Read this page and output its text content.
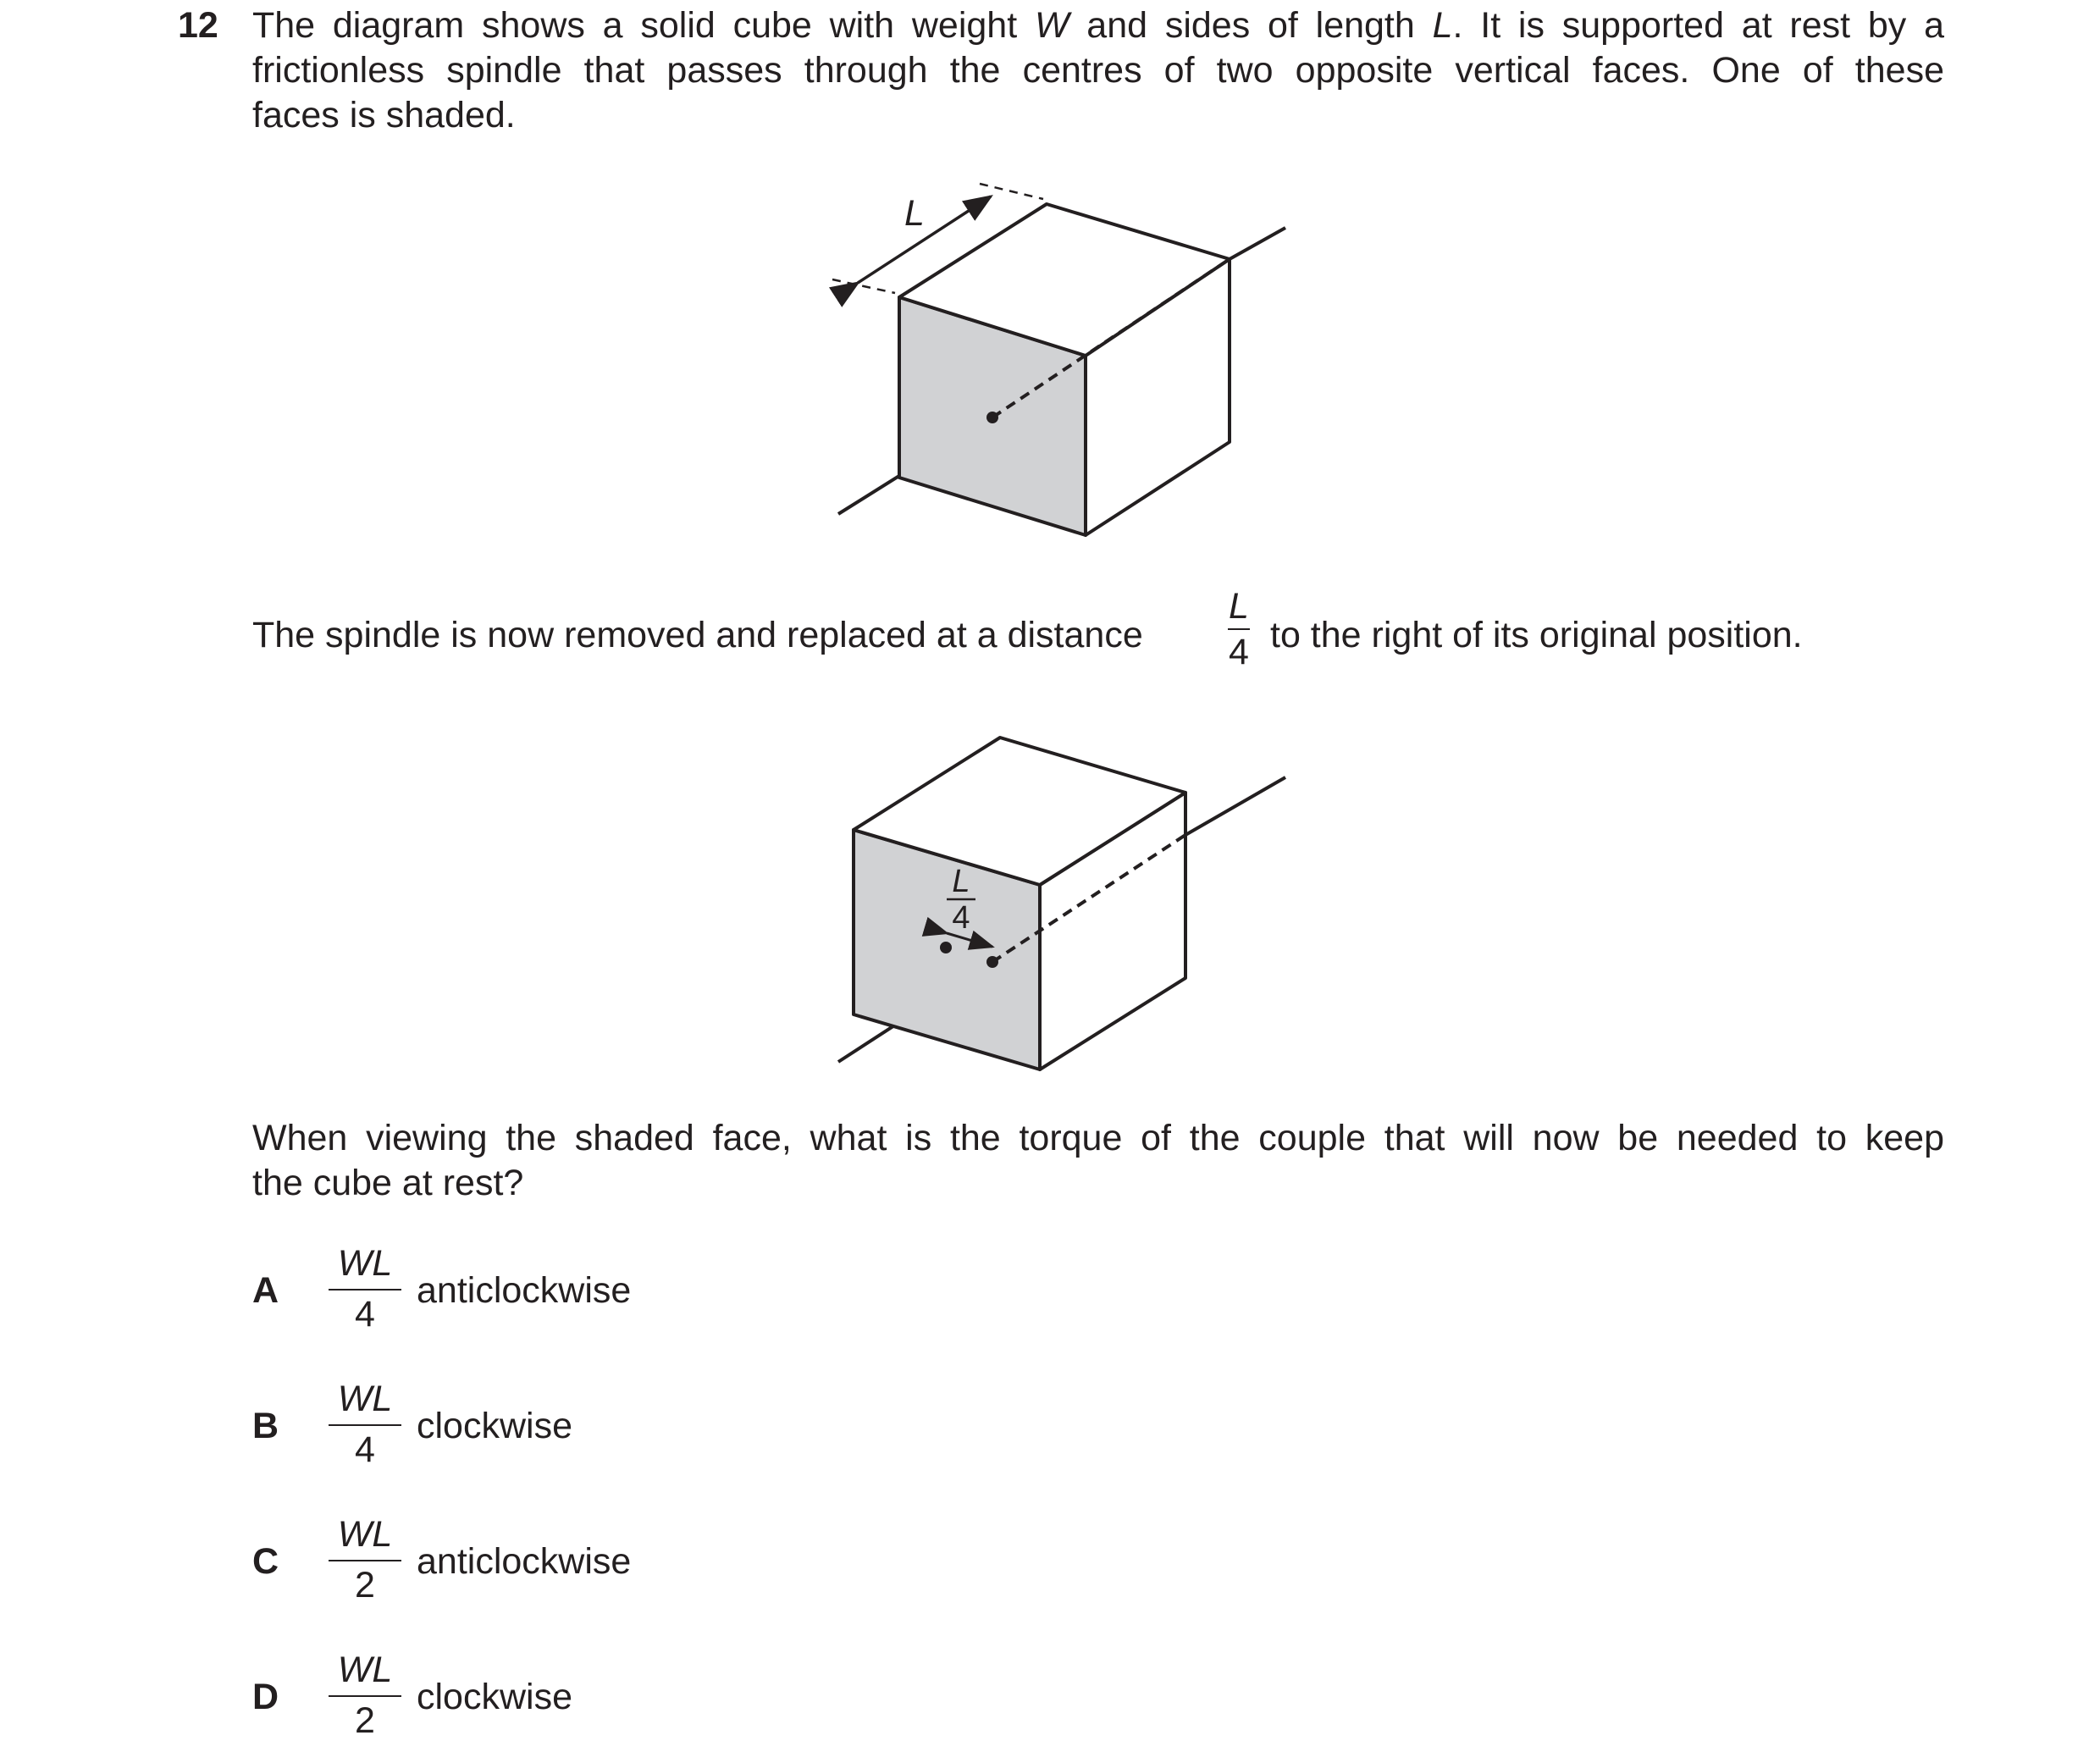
12 The diagram shows a solid cube with weight W and sides of length L. It is supported at rest by a
frictionless spindle that passes through the centres of two opposite vertical faces. One of these
faces is shaded.
L
L
4
The spindle is now removed and replaced at a distance
L
4 to the right of its original position.
When viewing the shaded face, what is the torque of the couple that will now be needed to keep
the cube at rest?
A
WL
4
anticlockwise
B
WL
4
clockwise
C
WL
2
anticlockwise
D
WL
2
clockwise
